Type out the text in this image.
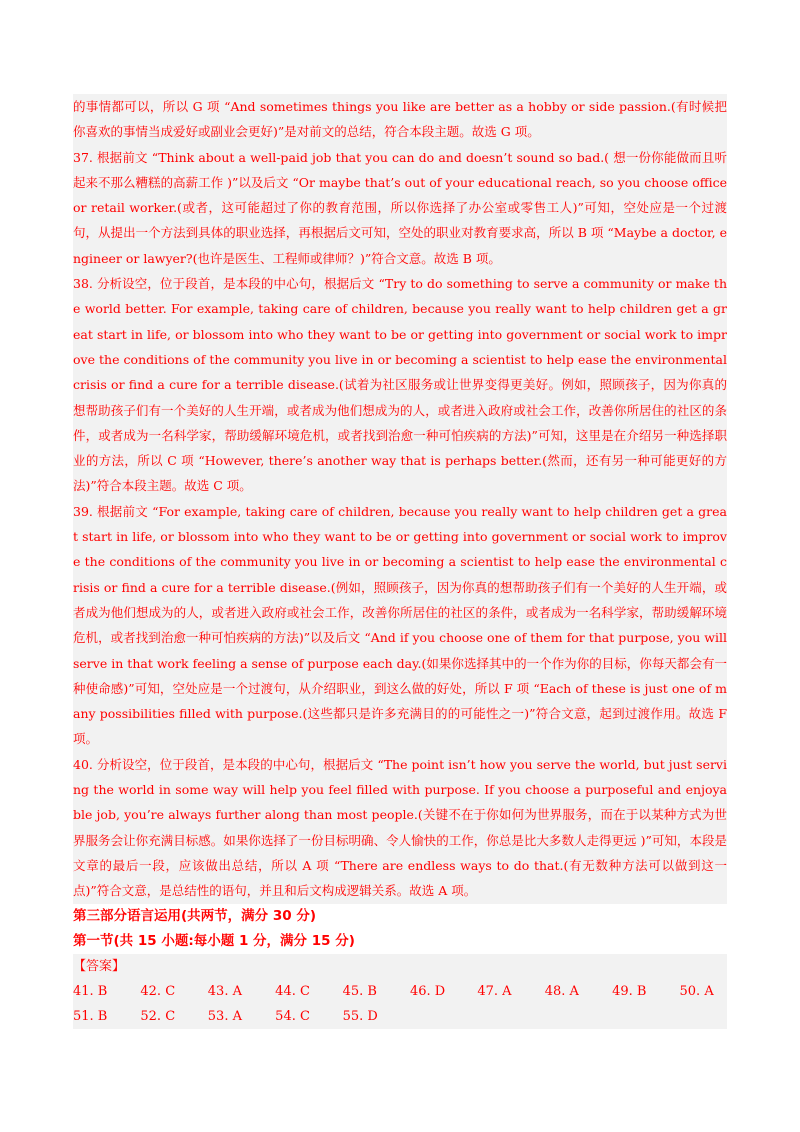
的事情都可以，所以 G 项 “And sometimes things you like are better as a hobby or side passion.(有时候把你喜欢的事情当成爱好或副业会更好)”是对前文的总结，符合本段主题。故选 G 项。
37. 根据前文 “Think about a well-paid job that you can do and doesn’t sound so bad.( 想一份你能做而且听起来不那么糟糕的高薪工作 )”以及后文 “Or maybe that’s out of your educational reach, so you choose office or retail worker.(或者，这可能超过了你的教育范围，所以你选择了办公室或零售工人)”可知，空处应是一个过渡句，从提出一个方法到具体的职业选择，再根据后文可知，空处的职业对教育要求高，所以 B 项 “Maybe a doctor, engineer or lawyer?(也许是医生、工程师或律师？)”符合文意。故选 B 项。
38. 分析设空，位于段首，是本段的中心句，根据后文 “Try to do something to serve a community or make the world better. For example, taking care of children, because you really want to help children get a great start in life, or blossom into who they want to be or getting into government or social work to improve the conditions of the community you live in or becoming a scientist to help ease the environmental crisis or find a cure for a terrible disease.(试着为社区服务或让世界变得更美好。例如，照顾孩子，因为你真的想帮助孩子们有一个美好的人生开端，或者成为他们想成为的人，或者进入政府或社会工作，改善你所居住的社区的条件，或者成为一名科学家，帮助缓解环境危机，或者找到治愈一种可怕疾病的方法)”可知，这里是在介绍另一种选择职业的方法，所以 C 项 “However, there’s another way that is perhaps better.(然而，还有另一种可能更好的方法)”符合本段主题。故选 C 项。
39. 根据前文 “For example, taking care of children, because you really want to help children get a great start in life, or blossom into who they want to be or getting into government or social work to improve the conditions of the community you live in or becoming a scientist to help ease the environmental crisis or find a cure for a terrible disease.(例如，照顾孩子，因为你真的想帮助孩子们有一个美好的人生开端，或者成为他们想成为的人，或者进入政府或社会工作，改善你所居住的社区的条件，或者成为一名科学家，帮助缓解环境危机，或者找到治愈一种可怕疾病的方法)”以及后文 “And if you choose one of them for that purpose, you will serve in that work feeling a sense of purpose each day.(如果你选择其中的一个作为你的目标，你每天都会有一种使命感)”可知，空处应是一个过渡句，从介绍职业，到这么做的好处，所以 F 项 “Each of these is just one of many possibilities filled with purpose.(这些都只是许多充满目的的可能性之一)”符合文意，起到过渡作用。故选 F 项。
40. 分析设空，位于段首，是本段的中心句，根据后文 “The point isn’t how you serve the world, but just serving the world in some way will help you feel filled with purpose. If you choose a purposeful and enjoyable job, you’re always further along than most people.(关键不在于你如何为世界服务，而在于以某种方式为世界服务会让你充满目标感。如果你选择了一份目标明确、令人愉快的工作，你总是比大多数人走得更远 )”可知，本段是文章的最后一段，应该做出总结，所以 A 项 “There are endless ways to do that.(有无数种方法可以做到这一点)”符合文意，是总结性的语句，并且和后文构成逻辑关系。故选 A 项。
第三部分语言运用(共两节，满分 30 分)
第一节(共 15 小题:每小题 1 分，满分 15 分)
【答案】
41. B	42. C	43. A	44. C	45. B	46. D	47. A	48. A	49. B	50. A
51. B	52. C	53. A	54. C	55. D
